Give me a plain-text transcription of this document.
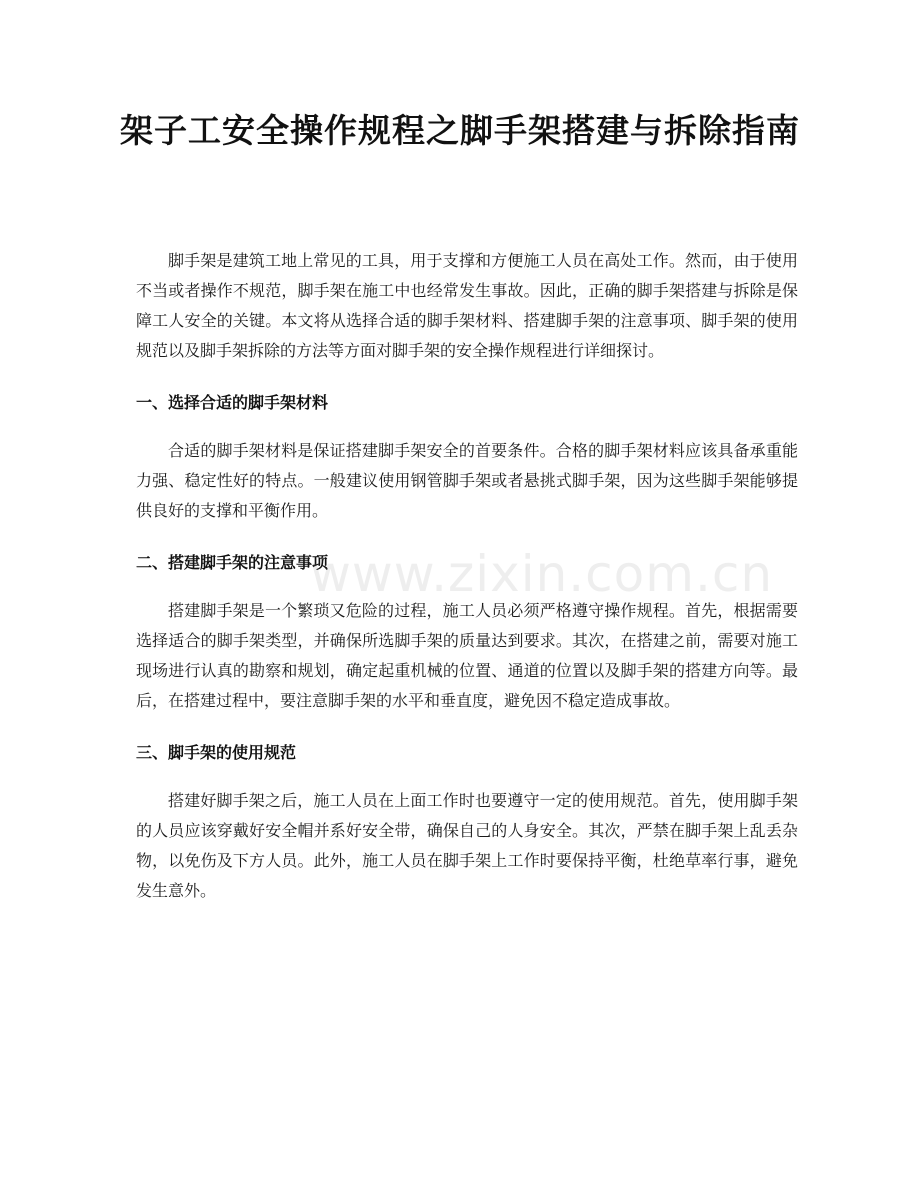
架子工安全操作规程之脚手架搭建与拆除指南

脚手架是建筑工地上常见的工具，用于支撑和方便施工人员在高处工作。然而，由于使用不当或者操作不规范，脚手架在施工中也经常发生事故。因此，正确的脚手架搭建与拆除是保障工人安全的关键。本文将从选择合适的脚手架材料、搭建脚手架的注意事项、脚手架的使用规范以及脚手架拆除的方法等方面对脚手架的安全操作规程进行详细探讨。

一、选择合适的脚手架材料

合适的脚手架材料是保证搭建脚手架安全的首要条件。合格的脚手架材料应该具备承重能力强、稳定性好的特点。一般建议使用钢管脚手架或者悬挑式脚手架，因为这些脚手架能够提供良好的支撑和平衡作用。

二、搭建脚手架的注意事项

搭建脚手架是一个繁琐又危险的过程，施工人员必须严格遵守操作规程。首先，根据需要选择适合的脚手架类型，并确保所选脚手架的质量达到要求。其次，在搭建之前，需要对施工现场进行认真的勘察和规划，确定起重机械的位置、通道的位置以及脚手架的搭建方向等。最后，在搭建过程中，要注意脚手架的水平和垂直度，避免因不稳定造成事故。

三、脚手架的使用规范

搭建好脚手架之后，施工人员在上面工作时也要遵守一定的使用规范。首先，使用脚手架的人员应该穿戴好安全帽并系好安全带，确保自己的人身安全。其次，严禁在脚手架上乱丢杂物，以免伤及下方人员。此外，施工人员在脚手架上工作时要保持平衡，杜绝草率行事，避免发生意外。

www.zixin.com.cn
